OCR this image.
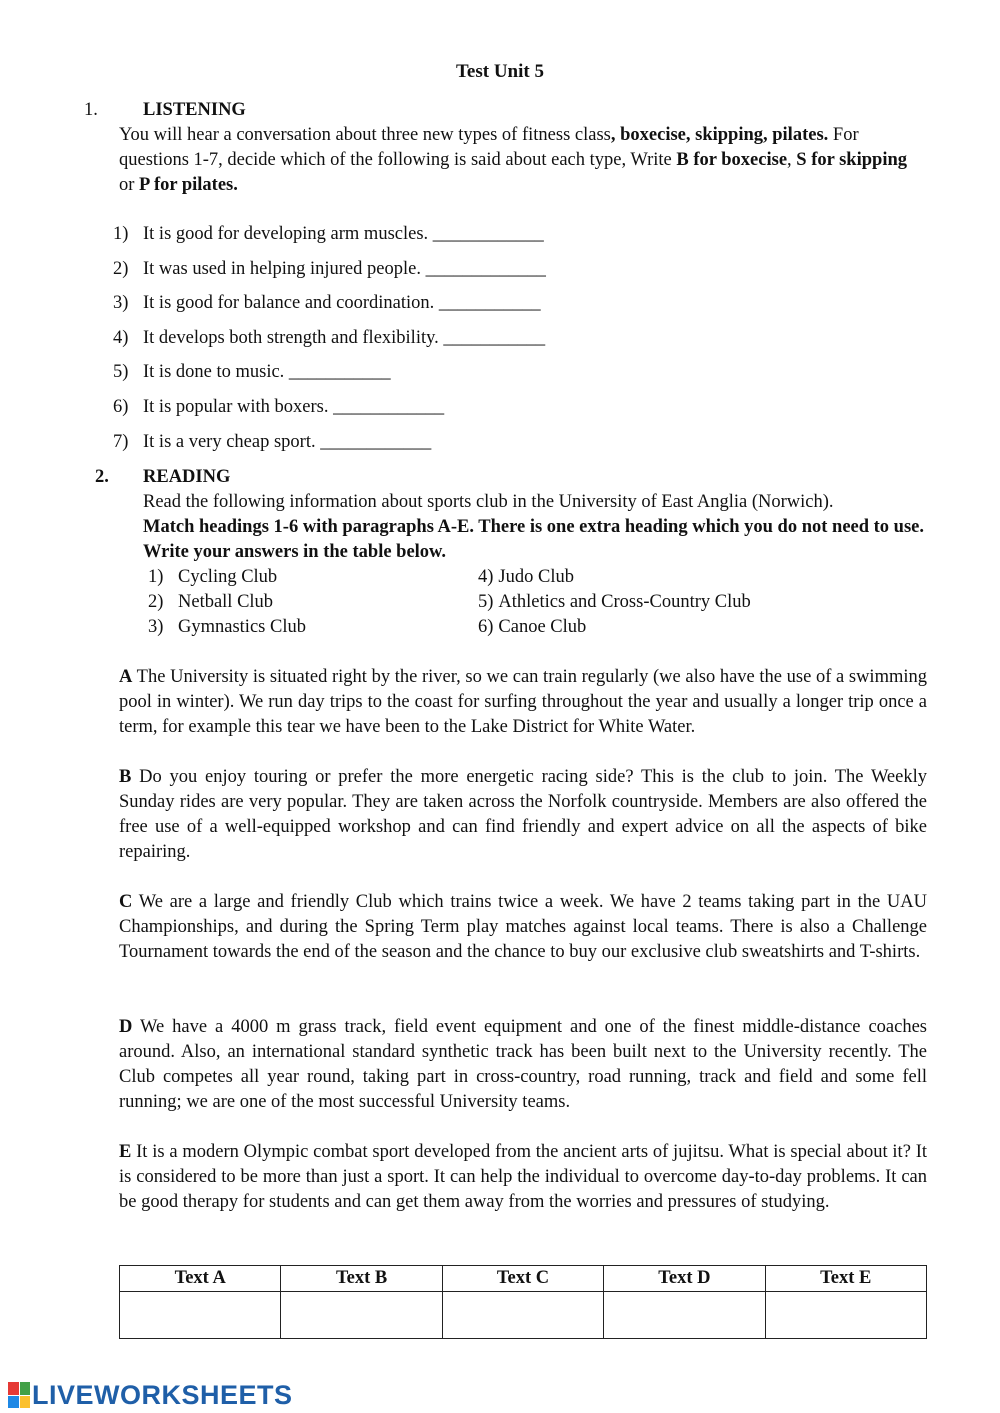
Test Unit 5
1. LISTENING
You will hear a conversation about three new types of fitness class, boxecise, skipping, pilates. For questions 1-7, decide which of the following is said about each type, Write B for boxecise, S for skipping or P for pilates.
1) It is good for developing arm muscles. ____________
2) It was used in helping injured people. _____________
3) It is good for balance and coordination. ___________
4) It develops both strength and flexibility. ___________
5) It is done to music. ___________
6) It is popular with boxers. ____________
7) It is a very cheap sport. ____________
2. READING
Read the following information about sports club in the University of East Anglia (Norwich).
Match headings 1-6 with paragraphs A-E. There is one extra heading which you do not need to use. Write your answers in the table below.
1) Cycling Club	4) Judo Club
2) Netball Club	5) Athletics and Cross-Country Club
3) Gymnastics Club	6) Canoe Club
A The University is situated right by the river, so we can train regularly (we also have the use of a swimming pool in winter). We run day trips to the coast for surfing throughout the year and usually a longer trip once a term, for example this tear we have been to the Lake District for White Water.
B Do you enjoy touring or prefer the more energetic racing side? This is the club to join. The Weekly Sunday rides are very popular. They are taken across the Norfolk countryside. Members are also offered the free use of a well-equipped workshop and can find friendly and expert advice on all the aspects of bike repairing.
C We are a large and friendly Club which trains twice a week. We have 2 teams taking part in the UAU Championships, and during the Spring Term play matches against local teams. There is also a Challenge Tournament towards the end of the season and the chance to buy our exclusive club sweatshirts and T-shirts.
D We have a 4000 m grass track, field event equipment and one of the finest middle-distance coaches around. Also, an international standard synthetic track has been built next to the University recently. The Club competes all year round, taking part in cross-country, road running, track and field and some fell running; we are one of the most successful University teams.
E It is a modern Olympic combat sport developed from the ancient arts of jujitsu. What is special about it? It is considered to be more than just a sport. It can help the individual to overcome day-to-day problems. It can be good therapy for students and can get them away from the worries and pressures of studying.
Text A	Text B	Text C	Text D	Text E

LIVEWORKSHEETS
